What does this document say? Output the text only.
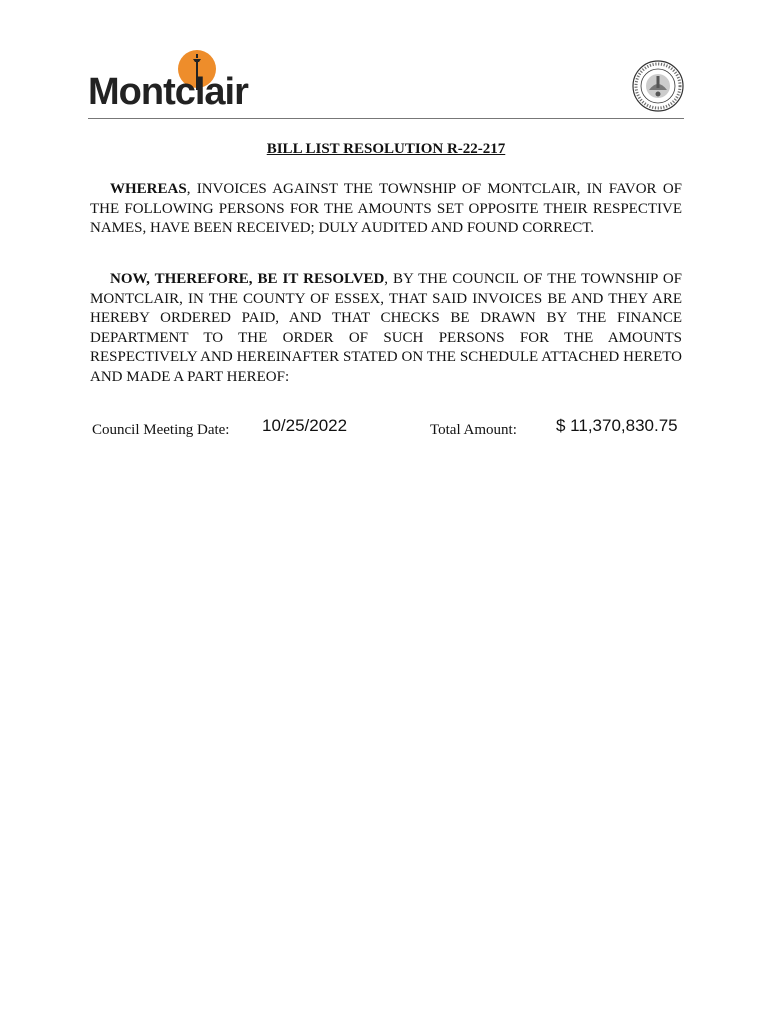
Montclair
BILL LIST RESOLUTION R-22-217

WHEREAS, INVOICES AGAINST THE TOWNSHIP OF MONTCLAIR, IN FAVOR OF THE FOLLOWING PERSONS FOR THE AMOUNTS SET OPPOSITE THEIR RESPECTIVE NAMES, HAVE BEEN RECEIVED; DULY AUDITED AND FOUND CORRECT.

NOW, THEREFORE, BE IT RESOLVED, BY THE COUNCIL OF THE TOWNSHIP OF MONTCLAIR, IN THE COUNTY OF ESSEX, THAT SAID INVOICES BE AND THEY ARE HEREBY ORDERED PAID, AND THAT CHECKS BE DRAWN BY THE FINANCE DEPARTMENT TO THE ORDER OF SUCH PERSONS FOR THE AMOUNTS RESPECTIVELY AND HEREINAFTER STATED ON THE SCHEDULE ATTACHED HERETO AND MADE A PART HEREOF:

Council Meeting Date: 10/25/2022	Total Amount: $ 11,370,830.75
